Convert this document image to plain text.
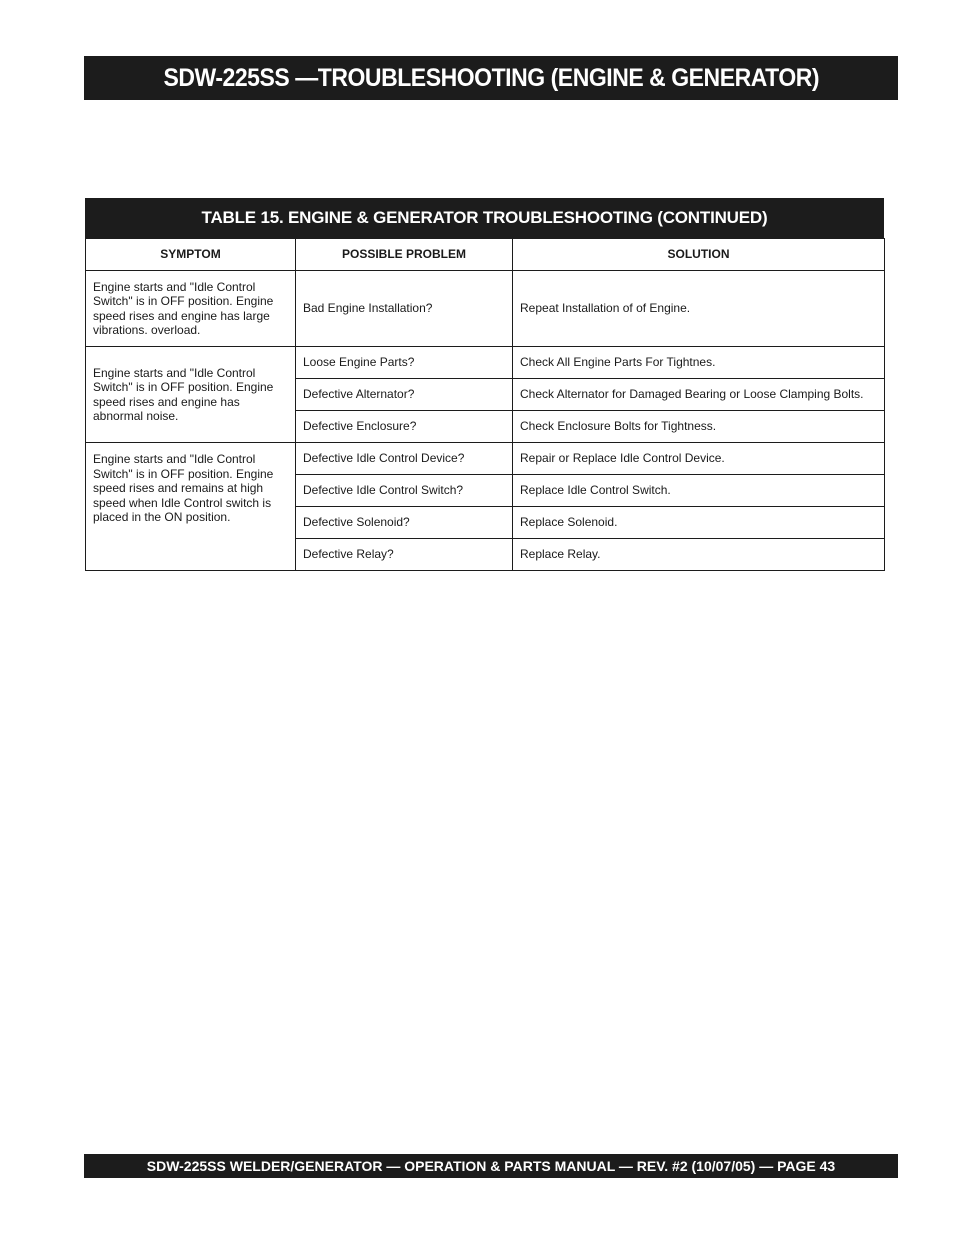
SDW-225SS —TROUBLESHOOTING (ENGINE & GENERATOR)
TABLE 15. ENGINE & GENERATOR TROUBLESHOOTING (CONTINUED)
SYMPTOM	POSSIBLE PROBLEM	SOLUTION

Engine starts and "Idle Control Switch" is in OFF position. Engine speed rises and engine has large vibrations. overload.	Bad Engine Installation?	Repeat Installation of of Engine.

Engine starts and "Idle Control Switch" is in OFF position. Engine speed rises and engine has abnormal noise.	Loose Engine Parts?	Check All Engine Parts For Tightnes.
	Defective Alternator?	Check Alternator for Damaged Bearing or Loose Clamping Bolts.
	Defective Enclosure?	Check Enclosure Bolts for Tightness.

Engine starts and "Idle Control Switch" is in OFF position. Engine speed rises and remains at high speed when Idle Control switch is placed in the ON position.	Defective Idle Control Device?	Repair or Replace Idle Control Device.
	Defective Idle Control Switch?	Replace Idle Control Switch.
	Defective Solenoid?	Replace Solenoid.
	Defective Relay?	Replace Relay.
SDW-225SS WELDER/GENERATOR — OPERATION & PARTS MANUAL — REV. #2 (10/07/05) — PAGE 43
